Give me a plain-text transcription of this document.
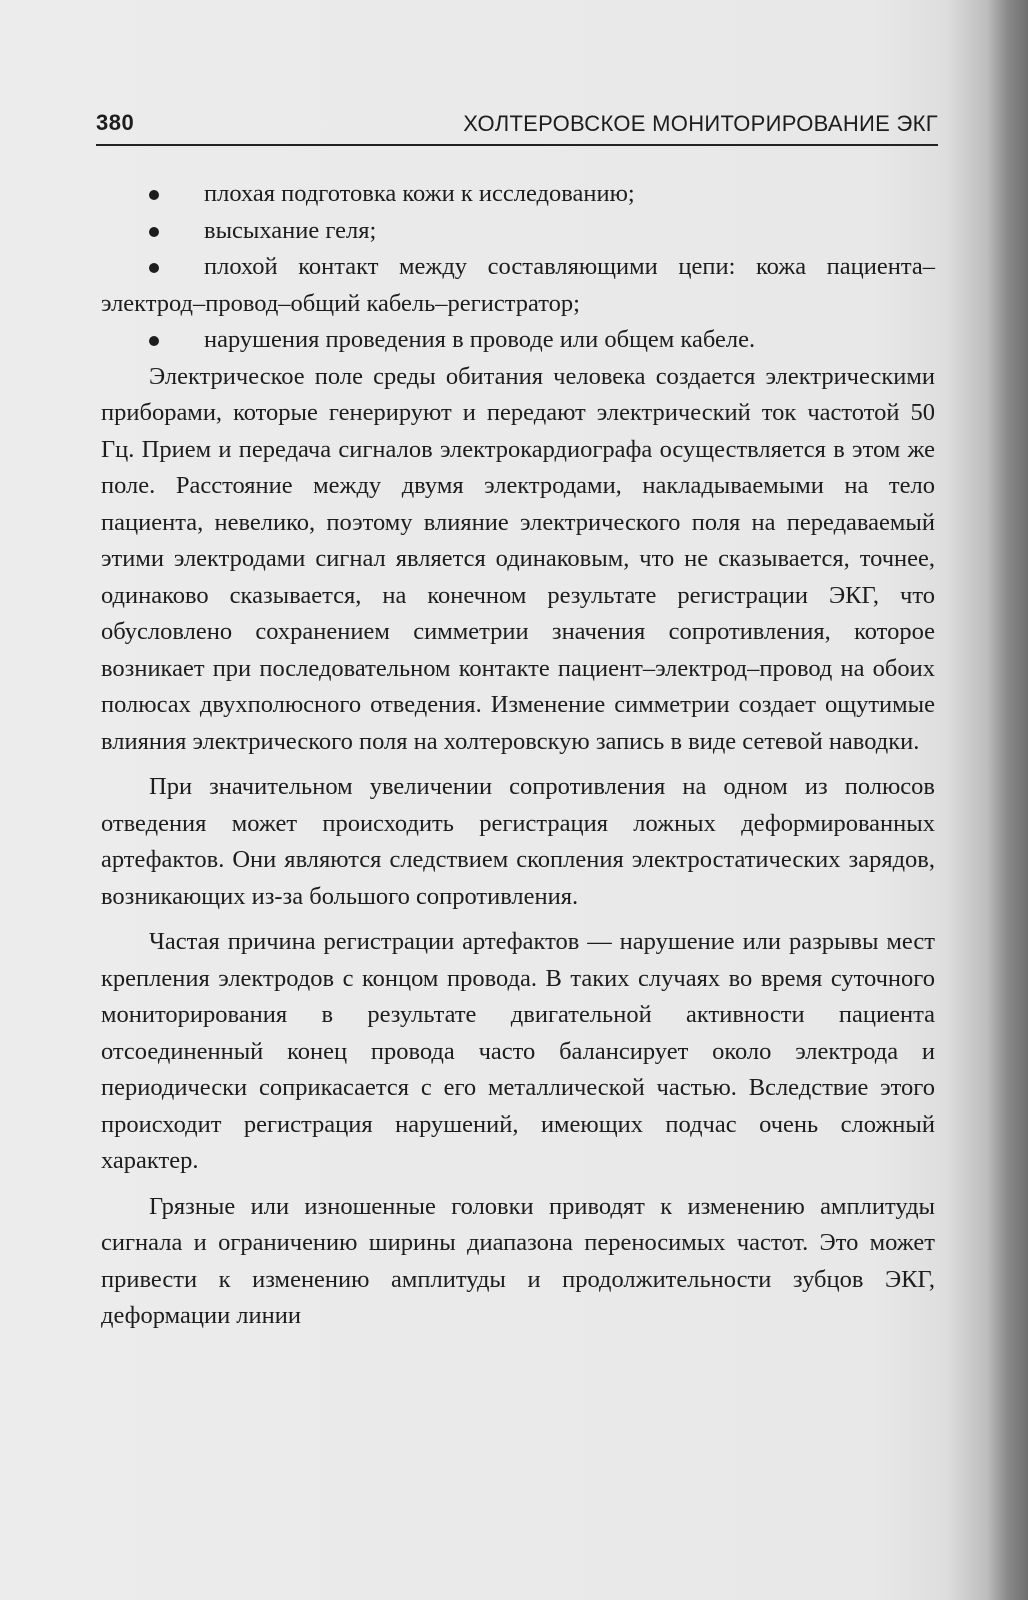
380	ХОЛТЕРОВСКОЕ МОНИТОРИРОВАНИЕ ЭКГ
плохая подготовка кожи к исследованию;
высыхание геля;
плохой контакт между составляющими цепи: кожа пациента–электрод–провод–общий кабель–регистратор;
нарушения проведения в проводе или общем кабеле.

Электрическое поле среды обитания человека создается электрическими приборами, которые генерируют и передают электрический ток частотой 50 Гц. Прием и передача сигналов электрокардиографа осуществляется в этом же поле. Расстояние между двумя электродами, накладываемыми на тело пациента, невелико, поэтому влияние электрического поля на передаваемый этими электродами сигнал является одинаковым, что не сказывается, точнее, одинаково сказывается, на конечном результате регистрации ЭКГ, что обусловлено сохранением симметрии значения сопротивления, которое возникает при последовательном контакте пациент–электрод–провод на обоих полюсах двухполюсного отведения. Изменение симметрии создает ощутимые влияния электрического поля на холтеровскую запись в виде сетевой наводки.

При значительном увеличении сопротивления на одном из полюсов отведения может происходить регистрация ложных деформированных артефактов. Они являются следствием скопления электростатических зарядов, возникающих из-за большого сопротивления.

Частая причина регистрации артефактов — нарушение или разрывы мест крепления электродов с концом провода. В таких случаях во время суточного мониторирования в результате двигательной активности пациента отсоединенный конец провода часто балансирует около электрода и периодически соприкасается с его металлической частью. Вследствие этого происходит регистрация нарушений, имеющих подчас очень сложный характер.

Грязные или изношенные головки приводят к изменению амплитуды сигнала и ограничению ширины диапазона переносимых частот. Это может привести к изменению амплитуды и продолжительности зубцов ЭКГ, деформации линии
